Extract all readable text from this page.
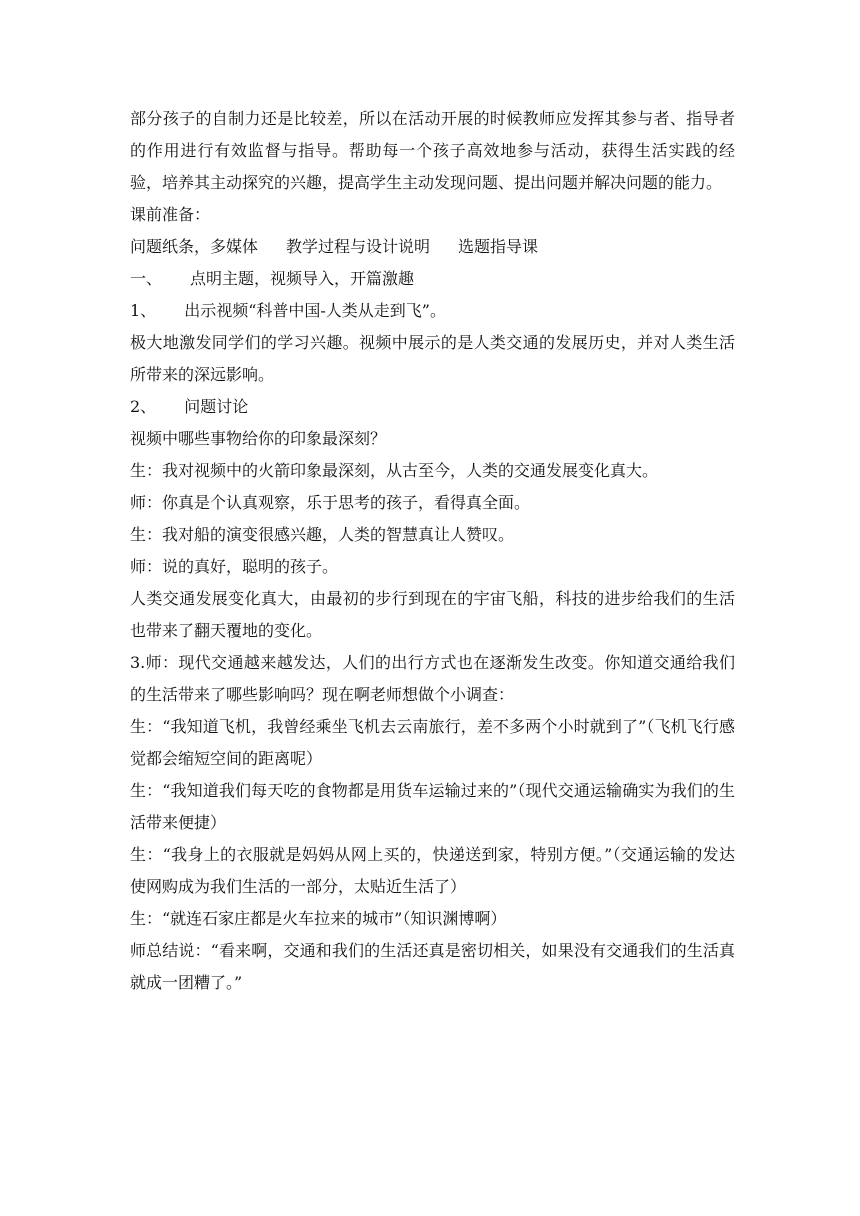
部分孩子的自制力还是比较差，所以在活动开展的时候教师应发挥其参与者、指导者的作用进行有效监督与指导。帮助每一个孩子高效地参与活动，获得生活实践的经验，培养其主动探究的兴趣，提高学生主动发现问题、提出问题并解决问题的能力。

课前准备：

问题纸条，多媒体 教学过程与设计说明 选题指导课

一、 点明主题，视频导入，开篇激趣

1、 出示视频“科普中国-人类从走到飞”。

极大地激发同学们的学习兴趣。视频中展示的是人类交通的发展历史，并对人类生活所带来的深远影响。

2、 问题讨论

视频中哪些事物给你的印象最深刻？

生：我对视频中的火箭印象最深刻，从古至今，人类的交通发展变化真大。

师：你真是个认真观察，乐于思考的孩子，看得真全面。

生：我对船的演变很感兴趣，人类的智慧真让人赞叹。

师：说的真好，聪明的孩子。

人类交通发展变化真大，由最初的步行到现在的宇宙飞船，科技的进步给我们的生活也带来了翻天覆地的变化。

3.师：现代交通越来越发达，人们的出行方式也在逐渐发生改变。你知道交通给我们的生活带来了哪些影响吗？现在啊老师想做个小调查：

生：“我知道飞机，我曾经乘坐飞机去云南旅行，差不多两个小时就到了”（飞机飞行感觉都会缩短空间的距离呢）

生：“我知道我们每天吃的食物都是用货车运输过来的”（现代交通运输确实为我们的生活带来便捷）

生：“我身上的衣服就是妈妈从网上买的，快递送到家，特别方便。”（交通运输的发达使网购成为我们生活的一部分，太贴近生活了）

生：“就连石家庄都是火车拉来的城市”（知识渊博啊）

师总结说：“看来啊，交通和我们的生活还真是密切相关，如果没有交通我们的生活真就成一团糟了。”
